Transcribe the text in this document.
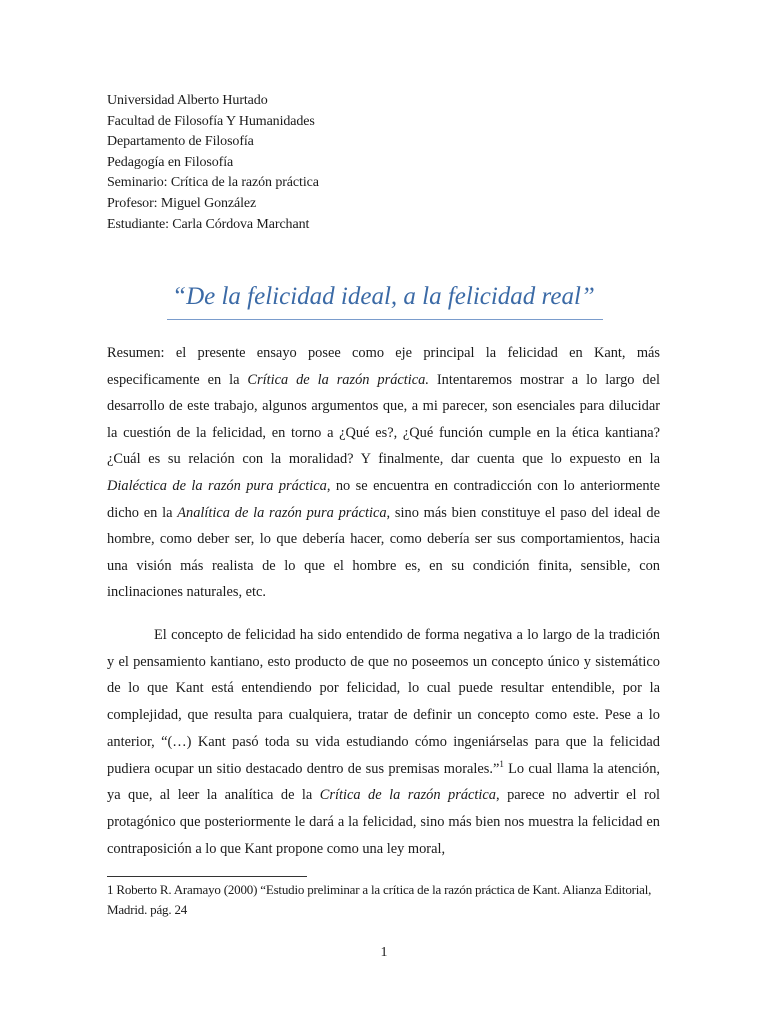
Universidad Alberto Hurtado
Facultad de Filosofía Y Humanidades
Departamento de Filosofía
Pedagogía en Filosofía
Seminario: Crítica de la razón práctica
Profesor: Miguel González
Estudiante: Carla Córdova Marchant
“De la felicidad ideal, a la felicidad real”

Resumen: el presente ensayo posee como eje principal la felicidad en Kant, más especificamente en la Crítica de la razón práctica. Intentaremos mostrar a lo largo del desarrollo de este trabajo, algunos argumentos que, a mi parecer, son esenciales para dilucidar la cuestión de la felicidad, en torno a ¿Qué es?, ¿Qué función cumple en la ética kantiana? ¿Cuál es su relación con la moralidad? Y finalmente, dar cuenta que lo expuesto en la Dialéctica de la razón pura práctica, no se encuentra en contradicción con lo anteriormente dicho en la Analítica de la razón pura práctica, sino más bien constituye el paso del ideal de hombre, como deber ser, lo que debería hacer, como debería ser sus comportamientos, hacia una visión más realista de lo que el hombre es, en su condición finita, sensible, con inclinaciones naturales, etc.

El concepto de felicidad ha sido entendido de forma negativa a lo largo de la tradición y el pensamiento kantiano, esto producto de que no poseemos un concepto único y sistemático de lo que Kant está entendiendo por felicidad, lo cual puede resultar entendible, por la complejidad, que resulta para cualquiera, tratar de definir un concepto como este. Pese a lo anterior, “(…) Kant pasó toda su vida estudiando cómo ingeniárselas para que la felicidad pudiera ocupar un sitio destacado dentro de sus premisas morales.”$^1$ Lo cual llama la atención, ya que, al leer la analítica de la Crítica de la razón práctica, parece no advertir el rol protagónico que posteriormente le dará a la felicidad, sino más bien nos muestra la felicidad en contraposición a lo que Kant propone como una ley moral,

1 Roberto R. Aramayo (2000) “Estudio preliminar a la crítica de la razón práctica de Kant. Alianza Editorial, Madrid. pág. 24

1
